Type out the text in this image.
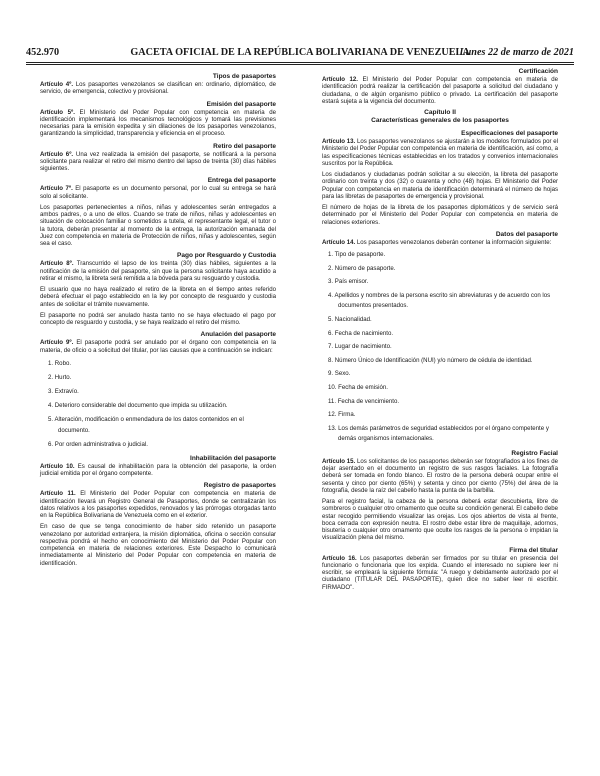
452.970	GACETA OFICIAL DE LA REPÚBLICA BOLIVARIANA DE VENEZUELA
Lunes 22 de marzo de 2021
Tipos de pasaportes

Artículo 4º. Los pasaportes venezolanos se clasifican en: ordinario, diplomático, de servicio, de emergencia, colectivo y provisional.

Emisión del pasaporte

Artículo 5º. El Ministerio del Poder Popular con competencia en materia de identificación implementará los mecanismos tecnológicos y tomará las previsiones necesarias para la emisión expedita y sin dilaciones de los pasaportes venezolanos, garantizando la simplicidad, transparencia y eficiencia en el proceso.

Retiro del pasaporte

Artículo 6º. Una vez realizada la emisión del pasaporte, se notificará a la persona solicitante para realizar el retiro del mismo dentro del lapso de treinta (30) días hábiles siguientes.

Entrega del pasaporte

Artículo 7º. El pasaporte es un documento personal, por lo cual su entrega se hará solo al solicitante.

Los pasaportes pertenecientes a niños, niñas y adolescentes serán entregados a ambos padres, o a uno de ellos. Cuando se trate de niños, niñas y adolescentes en situación de colocación familiar o sometidos a tutela, el representante legal, el tutor o la tutora, deberán presentar al momento de la entrega, la autorización emanada del Juez con competencia en materia de Protección de niños, niñas y adolescentes, según sea el caso.

Pago por Resguardo y Custodia

Artículo 8º. Transcurrido el lapso de los treinta (30) días hábiles, siguientes a la notificación de la emisión del pasaporte, sin que la persona solicitante haya acudido a retirar el mismo, la libreta será remitida a la bóveda para su resguardo y custodia.

El usuario que no haya realizado el retiro de la libreta en el tiempo antes referido deberá efectuar el pago establecido en la ley por concepto de resguardo y custodia antes de solicitar el trámite nuevamente.

El pasaporte no podrá ser anulado hasta tanto no se haya efectuado el pago por concepto de resguardo y custodia, y se haya realizado el retiro del mismo.

Anulación del pasaporte

Artículo 9º. El pasaporte podrá ser anulado por el órgano con competencia en la materia, de oficio o a solicitud del titular, por las causas que a continuación se indican:

1. Robo.
2. Hurto.
3. Extravío.
4. Deterioro considerable del documento que impida su utilización.
5. Alteración, modificación o enmendadura de los datos contenidos en el documento.
6. Por orden administrativa o judicial.
Inhabilitación del pasaporte

Artículo 10. Es causal de inhabilitación para la obtención del pasaporte, la orden judicial emitida por el órgano competente.

Registro de pasaportes

Artículo 11. El Ministerio del Poder Popular con competencia en materia de identificación llevará un Registro General de Pasaportes, donde se centralizarán los datos relativos a los pasaportes expedidos, renovados y las prórrogas otorgadas tanto en la República Bolivariana de Venezuela como en el exterior.

En caso de que se tenga conocimiento de haber sido retenido un pasaporte venezolano por autoridad extranjera, la misión diplomática, oficina o sección consular respectiva pondrá el hecho en conocimiento del Ministerio del Poder Popular con competencia en materia de relaciones exteriores. Este Despacho lo comunicará inmediatamente al Ministerio del Poder Popular con competencia en materia de identificación.

Certificación

Artículo 12. El Ministerio del Poder Popular con competencia en materia de identificación podrá realizar la certificación del pasaporte a solicitud del ciudadano y ciudadana, o de algún organismo público o privado. La certificación del pasaporte estará sujeta a la vigencia del documento.

Capítulo II
Características generales de los pasaportes
Especificaciones del pasaporte

Artículo 13. Los pasaportes venezolanos se ajustarán a los modelos formulados por el Ministerio del Poder Popular con competencia en materia de identificación, así como, a las especificaciones técnicas establecidas en los tratados y convenios internacionales suscritos por la República.

Los ciudadanos y ciudadanas podrán solicitar a su elección, la libreta del pasaporte ordinario con treinta y dos (32) o cuarenta y ocho (48) hojas. El Ministerio del Poder Popular con competencia en materia de identificación determinará el número de hojas para las libretas de pasaportes de emergencia y provisional.

El número de hojas de la libreta de los pasaportes diplomáticos y de servicio será determinado por el Ministerio del Poder Popular con competencia en materia de relaciones exteriores.

Datos del pasaporte

Artículo 14. Los pasaportes venezolanos deberán contener la información siguiente:

1. Tipo de pasaporte.
2. Número de pasaporte.
3. País emisor.
4. Apellidos y nombres de la persona escrito sin abreviaturas y de acuerdo con los documentos presentados.
5. Nacionalidad.
6. Fecha de nacimiento.
7. Lugar de nacimiento.
8. Número Único de Identificación (NUI) y/o número de cédula de identidad.
9. Sexo.
10. Fecha de emisión.
11. Fecha de vencimiento.
12. Firma.
13. Los demás parámetros de seguridad establecidos por el órgano competente y demás organismos internacionales.
Registro Facial

Artículo 15. Los solicitantes de los pasaportes deberán ser fotografiados a los fines de dejar asentado en el documento un registro de sus rasgos faciales. La fotografía deberá ser tomada en fondo blanco. El rostro de la persona deberá ocupar entre el sesenta y cinco por ciento (65%) y setenta y cinco por ciento (75%) del área de la fotografía, desde la raíz del cabello hasta la punta de la barbilla.

Para el registro facial, la cabeza de la persona deberá estar descubierta, libre de sombreros o cualquier otro ornamento que oculte su condición general. El cabello debe estar recogido permitiendo visualizar las orejas. Los ojos abiertos de vista al frente, boca cerrada con expresión neutra. El rostro debe estar libre de maquillaje, adornos, bisutería o cualquier otro ornamento que oculte los rasgos de la persona o impidan la visualización plena del mismo.

Firma del titular

Artículo 16. Los pasaportes deberán ser firmados por su titular en presencia del funcionario o funcionaria que los expida. Cuando el interesado no supiere leer ni escribir, se empleará la siguiente fórmula: "A ruego y debidamente autorizado por el ciudadano (TITULAR DEL PASAPORTE), quien dice no saber leer ni escribir. FIRMADO".
